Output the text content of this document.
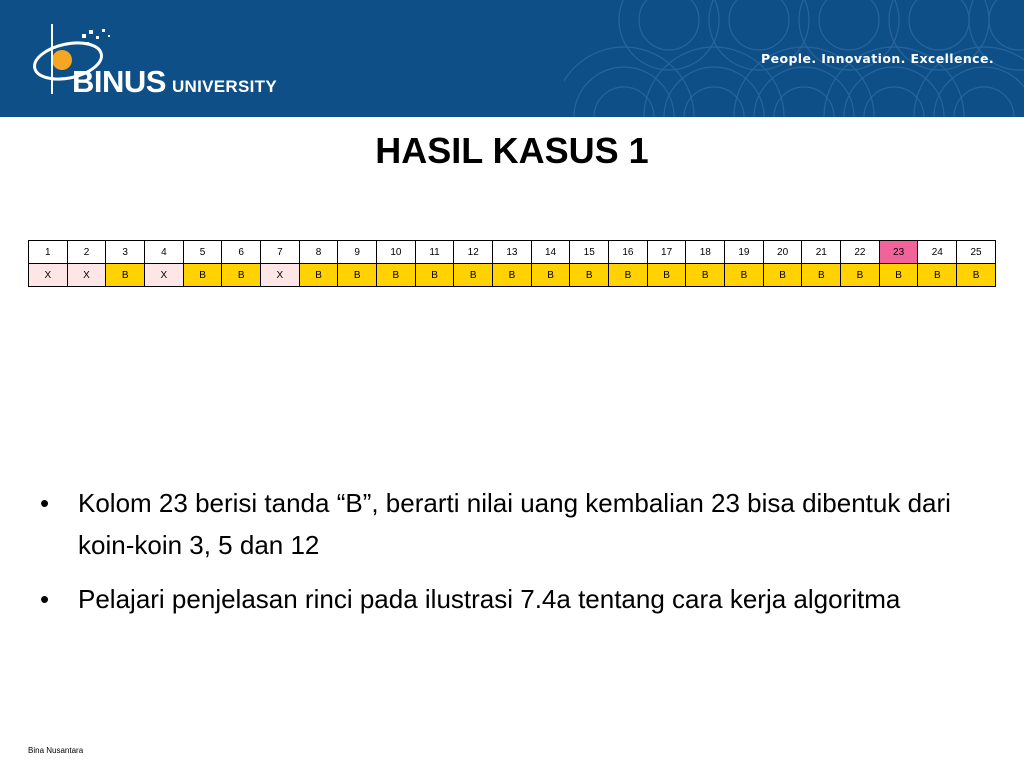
BINUS UNIVERSITY
People. Innovation. Excellence.
HASIL KASUS 1
1	2	3	4	5	6	7	8	9	10	11	12	13	14	15	16	17	18	19	20	21	22	23	24	25
X	X	B	X	B	B	X	B	B	B	B	B	B	B	B	B	B	B	B	B	B	B	B	B	B
• Kolom 23 berisi tanda “B”, berarti nilai uang kembalian 23 bisa dibentuk dari koin-koin 3, 5 dan 12
• Pelajari penjelasan rinci pada ilustrasi 7.4a tentang cara kerja algoritma
Bina Nusantara
